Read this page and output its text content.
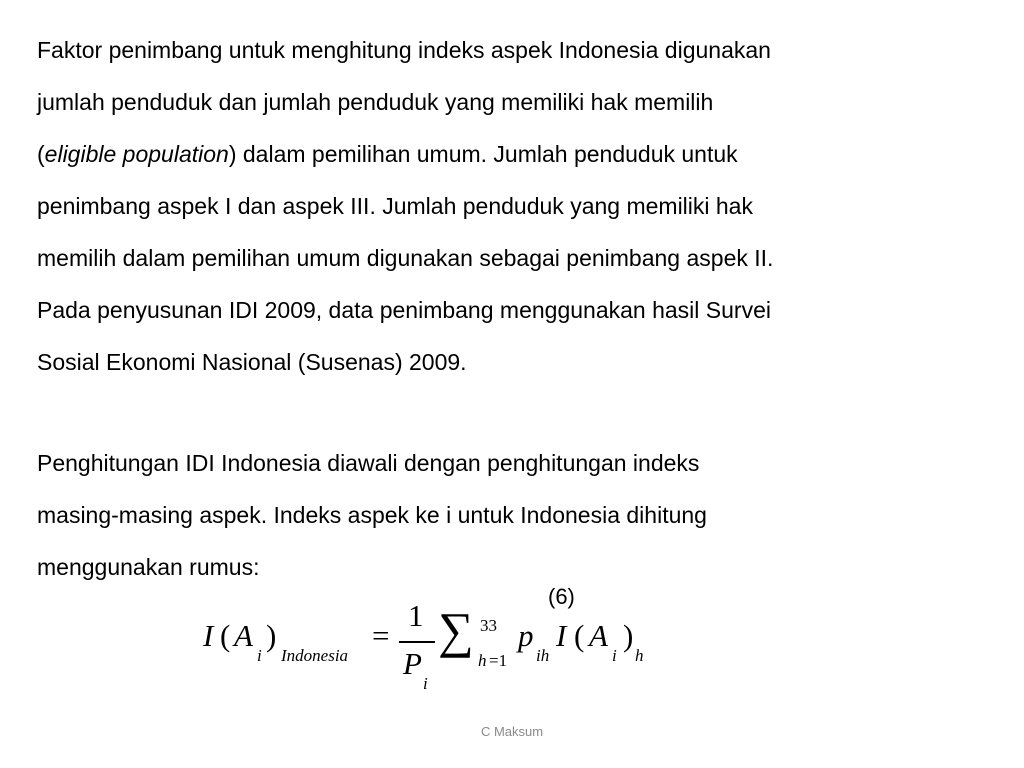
Faktor penimbang untuk menghitung indeks aspek Indonesia digunakan
jumlah penduduk dan jumlah penduduk yang memiliki hak memilih
(eligible population) dalam pemilihan umum. Jumlah penduduk untuk
penimbang aspek I dan aspek III. Jumlah penduduk yang memiliki hak
memilih dalam pemilihan umum digunakan sebagai penimbang aspek II.
Pada penyusunan IDI 2009, data penimbang menggunakan hasil Survei
Sosial Ekonomi Nasional (Susenas) 2009.
Penghitungan IDI Indonesia diawali dengan penghitungan indeks
masing-masing aspek. Indeks aspek ke i untuk Indonesia dihitung
menggunakan rumus:
(6)
I ( A
i
)
Indonesia
=
1
P
i
∑ 33
h =1
p
ih
I ( A
i
)
h
C Maksum
